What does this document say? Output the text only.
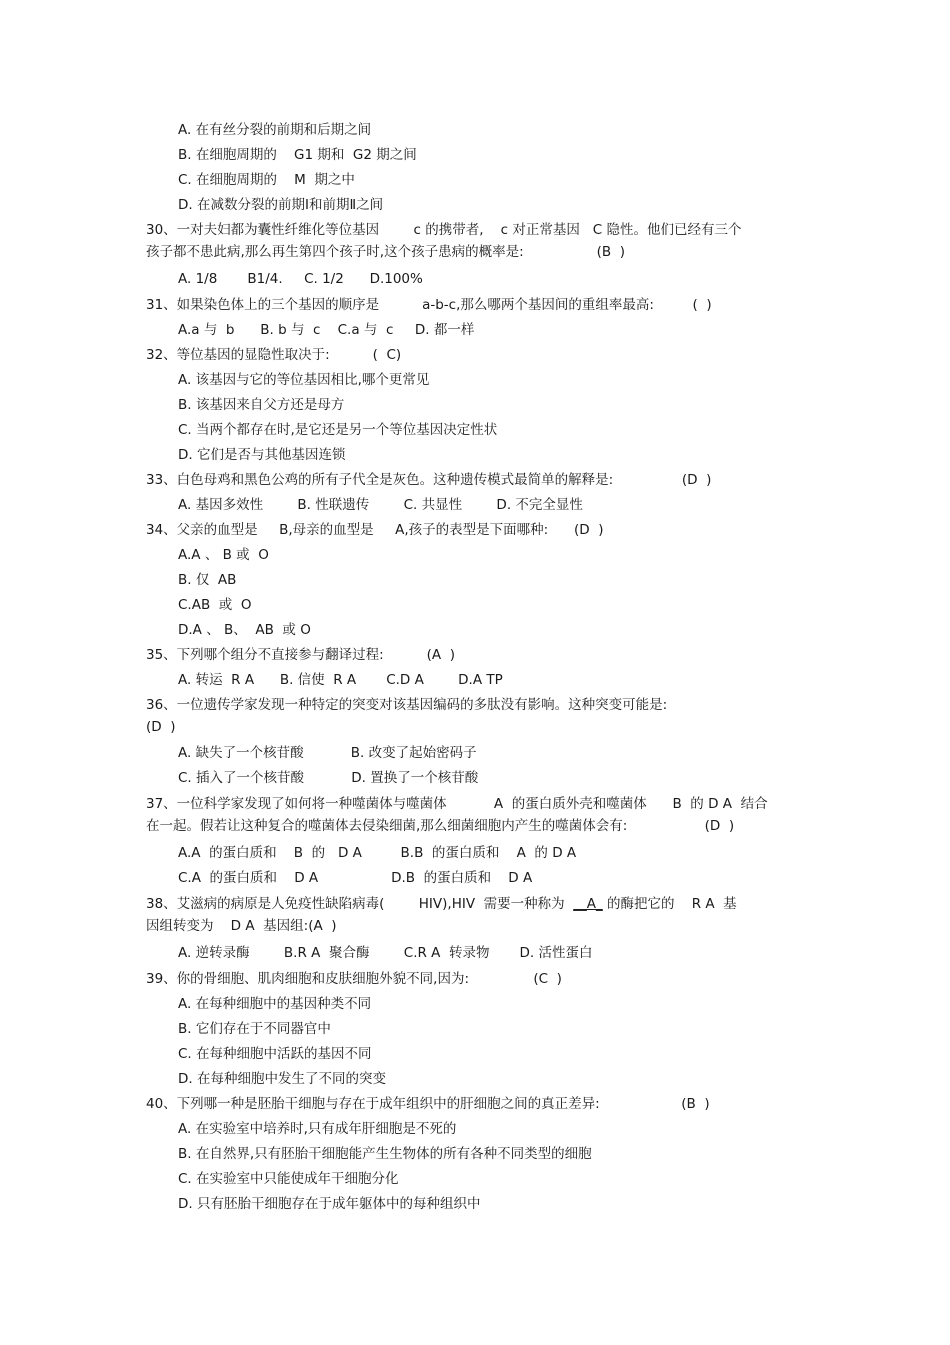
A. 在有丝分裂的前期和后期之间
B. 在细胞周期的    G1 期和  G2 期之间
C. 在细胞周期的    M  期之中
D. 在减数分裂的前期Ⅰ和前期Ⅱ之间
30、一对夫妇都为囊性纤维化等位基因        c 的携带者,    c 对正常基因   C 隐性。他们已经有三个
孩子都不患此病,那么再生第四个孩子时,这个孩子患病的概率是:                 (B  )
A. 1/8       B1/4.     C. 1/2      D.100%
31、如果染色体上的三个基因的顺序是          a-b-c,那么哪两个基因间的重组率最高:         (  )
A.a 与  b      B. b 与  c    C.a 与  c     D. 都一样
32、等位基因的显隐性取决于:          (  C)
A. 该基因与它的等位基因相比,哪个更常见
B. 该基因来自父方还是母方
C. 当两个都存在时,是它还是另一个等位基因决定性状
D. 它们是否与其他基因连锁
33、白色母鸡和黑色公鸡的所有子代全是灰色。这种遗传模式最简单的解释是:                (D  )
A. 基因多效性        B. 性联遗传        C. 共显性        D. 不完全显性
34、父亲的血型是     B,母亲的血型是     A,孩子的表型是下面哪种:      (D  )
A.A 、 B 或  O
B. 仅  AB
C.AB  或  O
D.A 、 B、  AB  或 O
35、下列哪个组分不直接参与翻译过程:          (A  )
A. 转运  R A      B. 信使  R A       C.D A        D.A TP
36、一位遗传学家发现一种特定的突变对该基因编码的多肽没有影响。这种突变可能是:
(D  )
A. 缺失了一个核苷酸           B. 改变了起始密码子
C. 插入了一个核苷酸           D. 置换了一个核苷酸
37、一位科学家发现了如何将一种噬菌体与噬菌体           A  的蛋白质外壳和噬菌体      B  的 D A  结合
在一起。假若让这种复合的噬菌体去侵染细菌,那么细菌细胞内产生的噬菌体会有:                  (D  )
A.A  的蛋白质和    B  的   D A         B.B  的蛋白质和    A  的 D A
C.A  的蛋白质和    D A                 D.B  的蛋白质和    D A
38、艾滋病的病原是人免疫性缺陷病毒(        HIV),HIV  需要一种称为  __A_ 的酶把它的    R A  基
因组转变为    D A  基因组:(A  )
A. 逆转录酶        B.R A  聚合酶        C.R A  转录物       D. 活性蛋白
39、你的骨细胞、肌肉细胞和皮肤细胞外貌不同,因为:               (C  )
A. 在每种细胞中的基因种类不同
B. 它们存在于不同器官中
C. 在每种细胞中活跃的基因不同
D. 在每种细胞中发生了不同的突变
40、下列哪一种是胚胎干细胞与存在于成年组织中的肝细胞之间的真正差异:                   (B  )
A. 在实验室中培养时,只有成年肝细胞是不死的
B. 在自然界,只有胚胎干细胞能产生生物体的所有各种不同类型的细胞
C. 在实验室中只能使成年干细胞分化
D. 只有胚胎干细胞存在于成年躯体中的每种组织中
